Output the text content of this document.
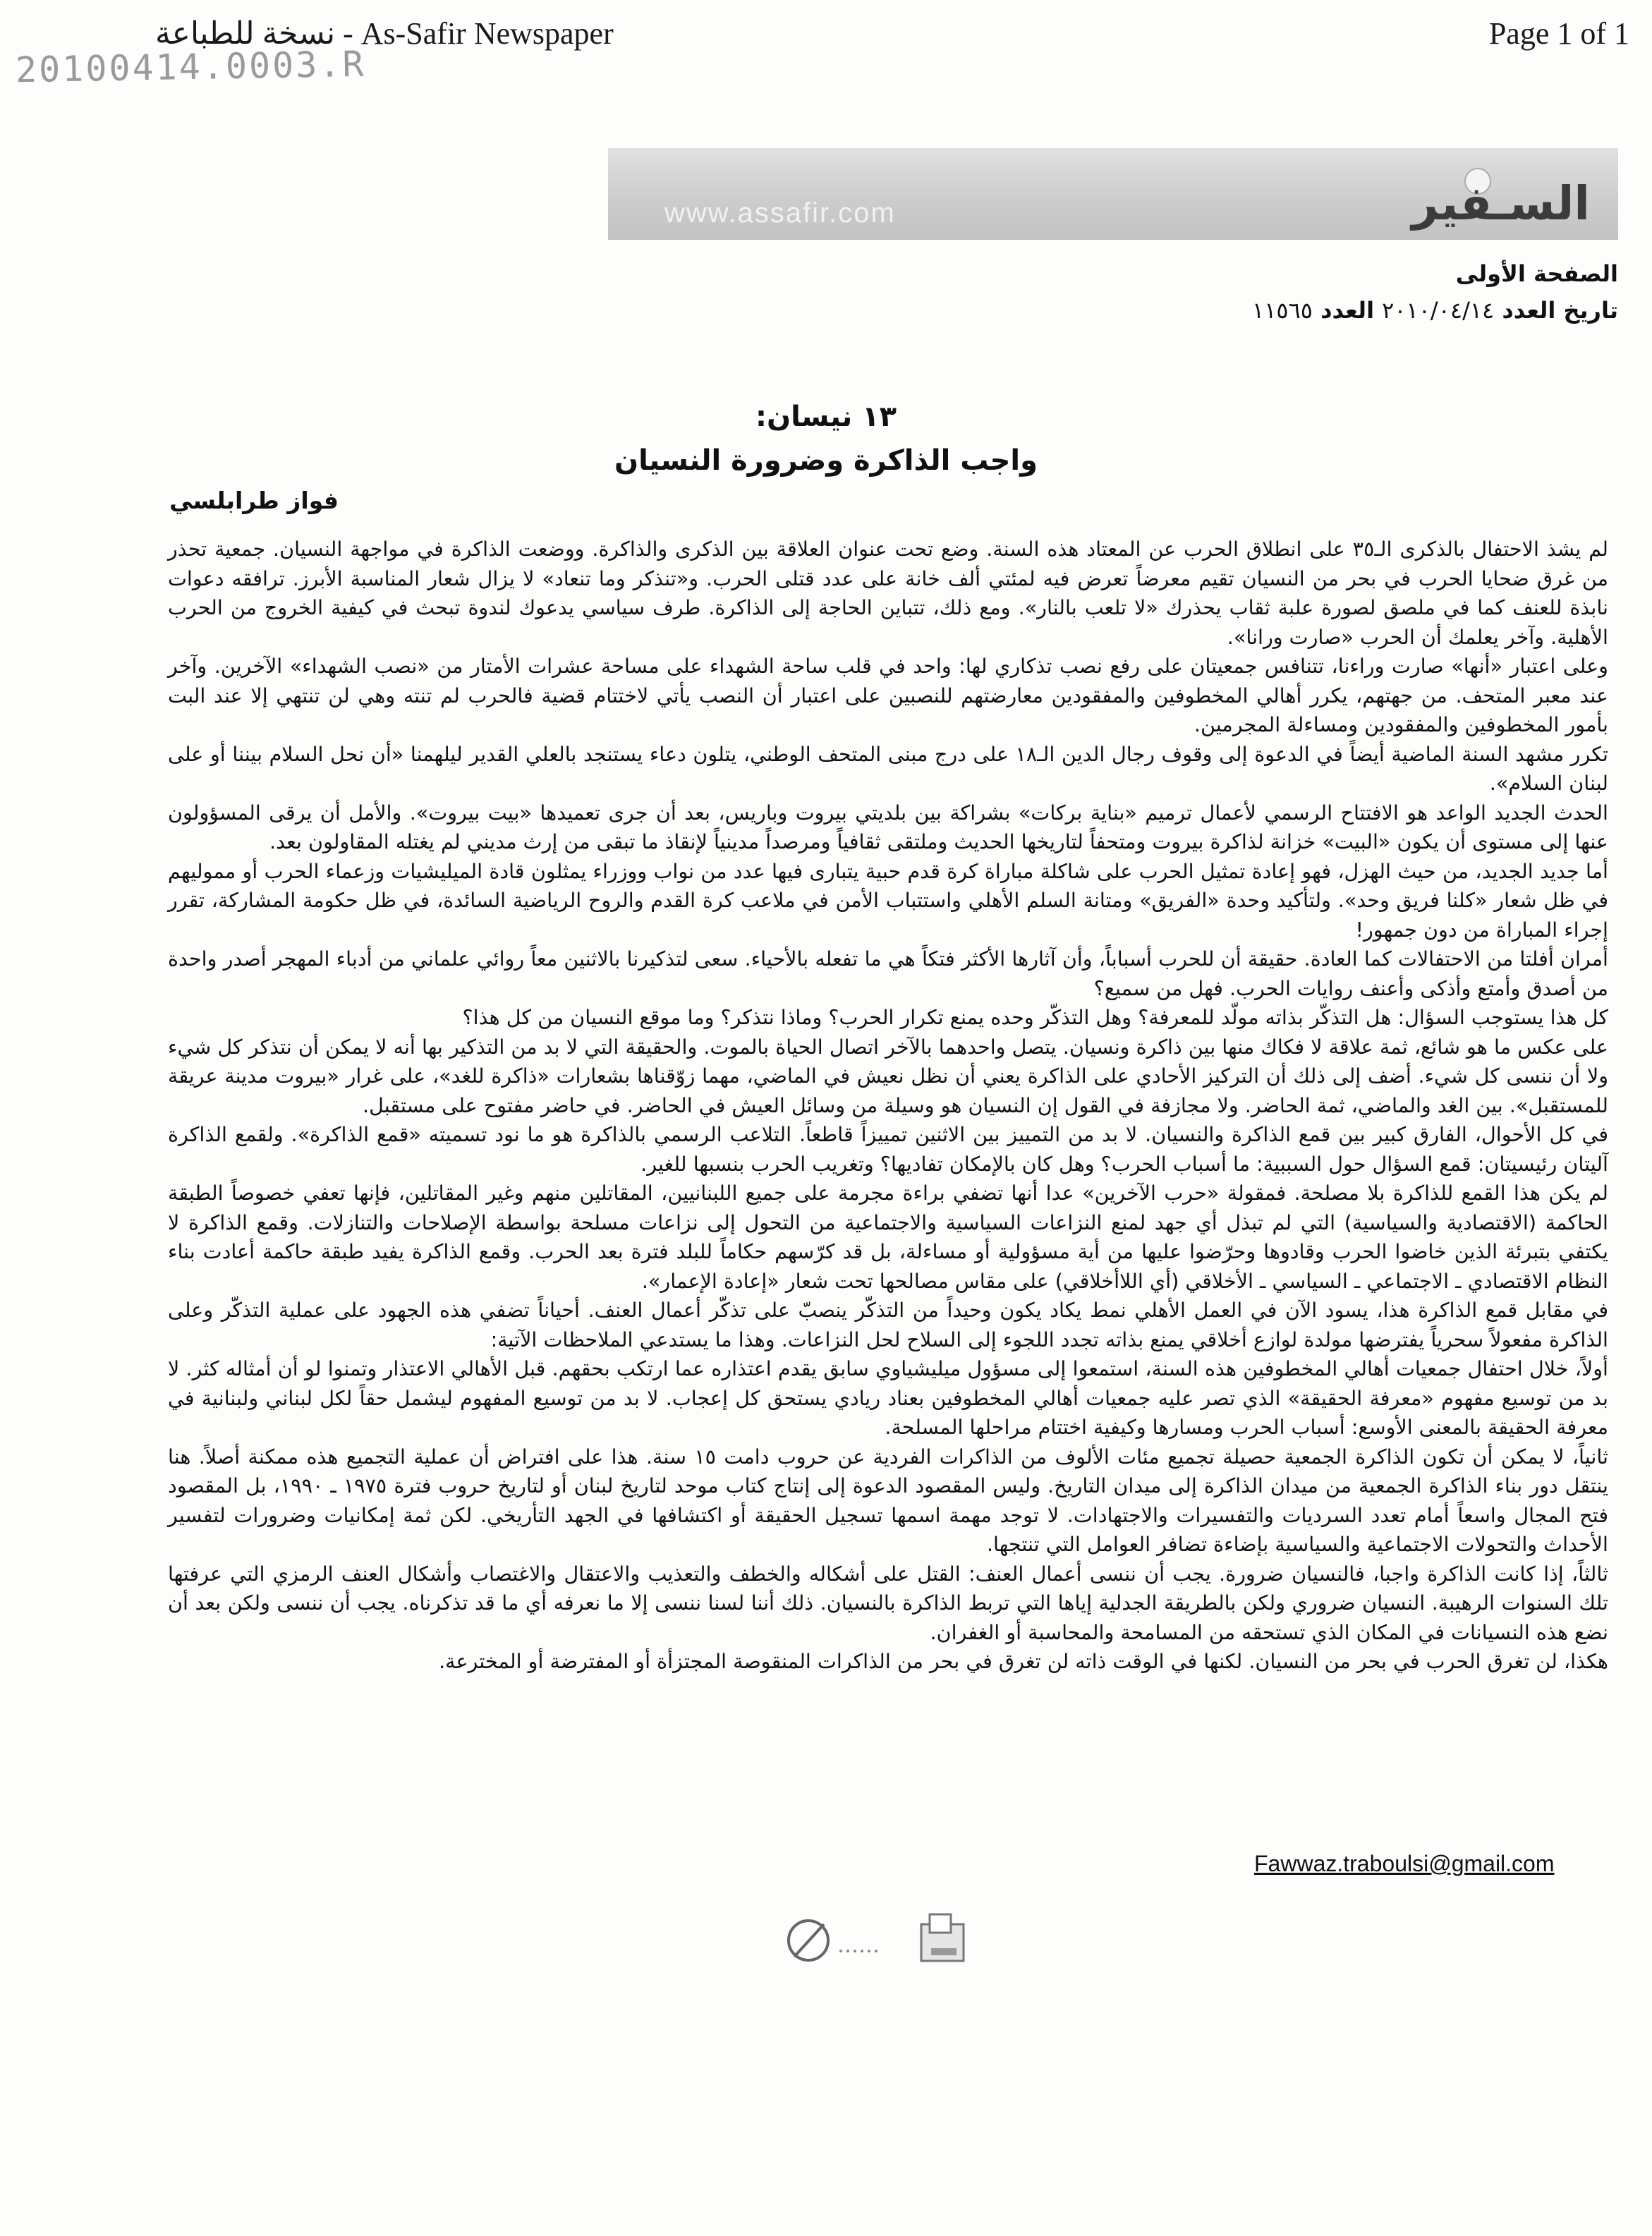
نسخة للطباعة - As-Safir Newspaper	Page 1 of 1
20100414.0003.R
www.assafir.com	السـفير
الصفحة الأولى
تاريخ العدد ٢٠١٠/٠٤/١٤ العدد ١١٥٦٥
١٣ نيسان:
واجب الذاكرة وضرورة النسيان
فواز طرابلسي

لم يشذ الاحتفال بالذكرى الـ٣٥ على انطلاق الحرب عن المعتاد هذه السنة. وضع تحت عنوان العلاقة بين الذكرى والذاكرة. ووضعت الذاكرة في مواجهة النسيان. جمعية تحذر من غرق ضحايا الحرب في بحر من النسيان تقيم معرضاً تعرض فيه لمئتي ألف خانة على عدد قتلى الحرب. و«تنذكر وما تنعاد» لا يزال شعار المناسبة الأبرز. ترافقه دعوات نابذة للعنف كما في ملصق لصورة علبة ثقاب يحذرك «لا تلعب بالنار». ومع ذلك، تتباين الحاجة إلى الذاكرة. طرف سياسي يدعوك لندوة تبحث في كيفية الخروج من الحرب الأهلية. وآخر يعلمك أن الحرب «صارت ورانا».

وعلى اعتبار «أنها» صارت وراءنا، تتنافس جمعيتان على رفع نصب تذكاري لها: واحد في قلب ساحة الشهداء على مساحة عشرات الأمتار من «نصب الشهداء» الآخرين. وآخر عند معبر المتحف. من جهتهم، يكرر أهالي المخطوفين والمفقودين معارضتهم للنصبين على اعتبار أن النصب يأتي لاختتام قضية فالحرب لم تنته وهي لن تنتهي إلا عند البت بأمور المخطوفين والمفقودين ومساءلة المجرمين.

تكرر مشهد السنة الماضية أيضاً في الدعوة إلى وقوف رجال الدين الـ١٨ على درج مبنى المتحف الوطني، يتلون دعاء يستنجد بالعلي القدير ليلهمنا «أن نحل السلام بيننا أو على لبنان السلام».

الحدث الجديد الواعد هو الافتتاح الرسمي لأعمال ترميم «بناية بركات» بشراكة بين بلديتي بيروت وباريس، بعد أن جرى تعميدها «بيت بيروت». والأمل أن يرقى المسؤولون عنها إلى مستوى أن يكون «البيت» خزانة لذاكرة بيروت ومتحفاً لتاريخها الحديث وملتقى ثقافياً ومرصداً مدينياً لإنقاذ ما تبقى من إرث مديني لم يغتله المقاولون بعد.

أما جديد الجديد، من حيث الهزل، فهو إعادة تمثيل الحرب على شاكلة مباراة كرة قدم حبية يتبارى فيها عدد من نواب ووزراء يمثلون قادة الميليشيات وزعماء الحرب أو مموليهم في ظل شعار «كلنا فريق وحد». ولتأكيد وحدة «الفريق» ومتانة السلم الأهلي واستتباب الأمن في ملاعب كرة القدم والروح الرياضية السائدة، في ظل حكومة المشاركة، تقرر إجراء المباراة من دون جمهور!

أمران أفلتا من الاحتفالات كما العادة. حقيقة أن للحرب أسباباً، وأن آثارها الأكثر فتكاً هي ما تفعله بالأحياء. سعى لتذكيرنا بالاثنين معاً روائي علماني من أدباء المهجر أصدر واحدة من أصدق وأمتع وأذكى وأعنف روايات الحرب. فهل من سميع؟

كل هذا يستوجب السؤال: هل التذكّر بذاته مولّد للمعرفة؟ وهل التذكّر وحده يمنع تكرار الحرب؟ وماذا نتذكر؟ وما موقع النسيان من كل هذا؟

على عكس ما هو شائع، ثمة علاقة لا فكاك منها بين ذاكرة ونسيان. يتصل واحدهما بالآخر اتصال الحياة بالموت. والحقيقة التي لا بد من التذكير بها أنه لا يمكن أن نتذكر كل شيء ولا أن ننسى كل شيء. أضف إلى ذلك أن التركيز الأحادي على الذاكرة يعني أن نظل نعيش في الماضي، مهما زوّقناها بشعارات «ذاكرة للغد»، على غرار «بيروت مدينة عريقة للمستقبل». بين الغد والماضي، ثمة الحاضر. ولا مجازفة في القول إن النسيان هو وسيلة من وسائل العيش في الحاضر. في حاضر مفتوح على مستقبل.

في كل الأحوال، الفارق كبير بين قمع الذاكرة والنسيان. لا بد من التمييز بين الاثنين تمييزاً قاطعاً. التلاعب الرسمي بالذاكرة هو ما نود تسميته «قمع الذاكرة». ولقمع الذاكرة آليتان رئيسيتان: قمع السؤال حول السببية: ما أسباب الحرب؟ وهل كان بالإمكان تفاديها؟ وتغريب الحرب بنسبها للغير.

لم يكن هذا القمع للذاكرة بلا مصلحة. فمقولة «حرب الآخرين» عدا أنها تضفي براءة مجرمة على جميع اللبنانيين، المقاتلين منهم وغير المقاتلين، فإنها تعفي خصوصاً الطبقة الحاكمة (الاقتصادية والسياسية) التي لم تبذل أي جهد لمنع النزاعات السياسية والاجتماعية من التحول إلى نزاعات مسلحة بواسطة الإصلاحات والتنازلات. وقمع الذاكرة لا يكتفي بتبرئة الذين خاضوا الحرب وقادوها وحرّضوا عليها من أية مسؤولية أو مساءلة، بل قد كرّسهم حكاماً للبلد فترة بعد الحرب. وقمع الذاكرة يفيد طبقة حاكمة أعادت بناء النظام الاقتصادي ـ الاجتماعي ـ السياسي ـ الأخلاقي (أي اللاأخلاقي) على مقاس مصالحها تحت شعار «إعادة الإعمار».

في مقابل قمع الذاكرة هذا، يسود الآن في العمل الأهلي نمط يكاد يكون وحيداً من التذكّر ينصبّ على تذكّر أعمال العنف. أحياناً تضفي هذه الجهود على عملية التذكّر وعلى الذاكرة مفعولاً سحرياً يفترضها مولدة لوازع أخلاقي يمنع بذاته تجدد اللجوء إلى السلاح لحل النزاعات. وهذا ما يستدعي الملاحظات الآتية:

أولاً، خلال احتفال جمعيات أهالي المخطوفين هذه السنة، استمعوا إلى مسؤول ميليشياوي سابق يقدم اعتذاره عما ارتكب بحقهم. قبل الأهالي الاعتذار وتمنوا لو أن أمثاله كثر. لا بد من توسيع مفهوم «معرفة الحقيقة» الذي تصر عليه جمعيات أهالي المخطوفين بعناد ريادي يستحق كل إعجاب. لا بد من توسيع المفهوم ليشمل حقاً لكل لبناني ولبنانية في معرفة الحقيقة بالمعنى الأوسع: أسباب الحرب ومسارها وكيفية اختتام مراحلها المسلحة.

ثانياً، لا يمكن أن تكون الذاكرة الجمعية حصيلة تجميع مئات الألوف من الذاكرات الفردية عن حروب دامت ١٥ سنة. هذا على افتراض أن عملية التجميع هذه ممكنة أصلاً. هنا ينتقل دور بناء الذاكرة الجمعية من ميدان الذاكرة إلى ميدان التاريخ. وليس المقصود الدعوة إلى إنتاج كتاب موحد لتاريخ لبنان أو لتاريخ حروب فترة ١٩٧٥ ـ ١٩٩٠، بل المقصود فتح المجال واسعاً أمام تعدد السرديات والتفسيرات والاجتهادات. لا توجد مهمة اسمها تسجيل الحقيقة أو اكتشافها في الجهد التأريخي. لكن ثمة إمكانيات وضرورات لتفسير الأحداث والتحولات الاجتماعية والسياسية بإضاءة تضافر العوامل التي تنتجها.

ثالثاً، إذا كانت الذاكرة واجبا، فالنسيان ضرورة. يجب أن ننسى أعمال العنف: القتل على أشكاله والخطف والتعذيب والاعتقال والاغتصاب وأشكال العنف الرمزي التي عرفتها تلك السنوات الرهيبة. النسيان ضروري ولكن بالطريقة الجدلية إياها التي تربط الذاكرة بالنسيان. ذلك أننا لسنا ننسى إلا ما نعرفه أي ما قد تذكرناه. يجب أن ننسى ولكن بعد أن نضع هذه النسيانات في المكان الذي تستحقه من المسامحة والمحاسبة أو الغفران.

هكذا، لن تغرق الحرب في بحر من النسيان. لكنها في الوقت ذاته لن تغرق في بحر من الذاكرات المنقوصة المجتزأة أو المفترضة أو المخترعة.

Fawwaz.traboulsi@gmail.com
